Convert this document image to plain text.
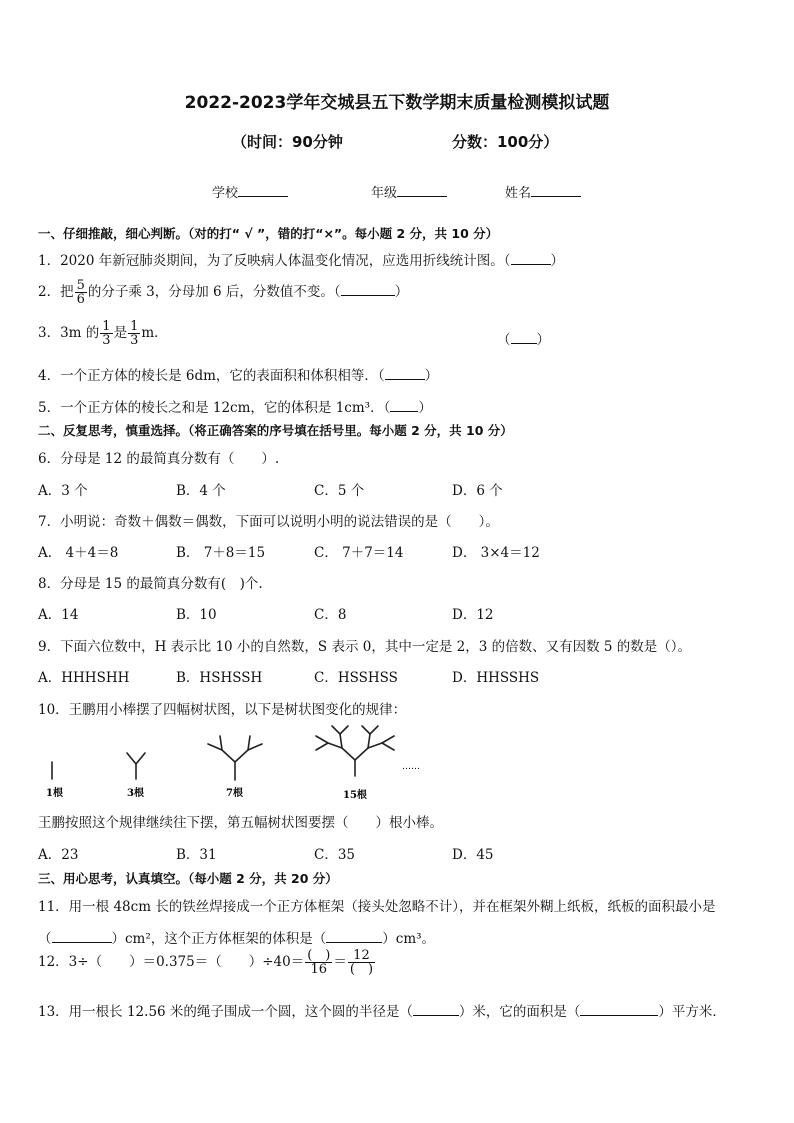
2022-2023学年交城县五下数学期末质量检测模拟试题
（时间：90分钟	分数：100分）
学校	年级	姓名
一、仔细推敲，细心判断。（对的打“ √ ”，错的打“×”。每小题 2 分，共 10 分）
1．2020 年新冠肺炎期间，为了反映病人体温变化情况，应选用折线统计图。（	）
2．把 $\frac{5}{6}$ 的分子乘 3，分母加 6 后，分数值不变。（	）
3．3m 的 $\frac{1}{3}$ 是 $\frac{1}{3}$ m．	（ ）
4．一个正方体的棱长是 6dm，它的表面积和体积相等．（	）
5．一个正方体的棱长之和是 12cm，它的体积是 1cm³．（ ）
二、反复思考，慎重选择。（将正确答案的序号填在括号里。每小题 2 分，共 10 分）
6．分母是 12 的最简真分数有（　　）.
A．3 个	B．4 个	C．5 个	D．6 个
7．小明说：奇数＋偶数＝偶数，下面可以说明小明的说法错误的是（　　）。
A． 4＋4＝8	B． 7＋8＝15	C． 7＋7＝14	D． 3×4＝12
8．分母是 15 的最简真分数有(　)个.
A．14	B．10	C．8	D．12
9．下面六位数中，H 表示比 10 小的自然数，S 表示 0，其中一定是 2，3 的倍数、又有因数 5 的数是（）。
A．HHHSHH	B．HSHSSH	C．HSSHSS	D．HHSSHS
10．王鹏用小棒摆了四幅树状图，以下是树状图变化的规律：
1根	3根	7根	15根
……
王鹏按照这个规律继续往下摆，第五幅树状图要摆（　　）根小棒。
A．23	B．31	C．35	D．45
三、用心思考，认真填空。（每小题 2 分，共 20 分）
11．用一根 48cm 长的铁丝焊接成一个正方体框架（接头处忽略不计），并在框架外糊上纸板，纸板的面积最小是
（	）cm²，这个正方体框架的体积是（	）cm³。
12．3÷（　　）＝0.375＝（　　）$\div 40= \frac{( )}{16} = \frac{12}{( )}$
13．用一根长 12.56 米的绳子围成一个圆，这个圆的半径是（	）米，它的面积是（	）平方米．
